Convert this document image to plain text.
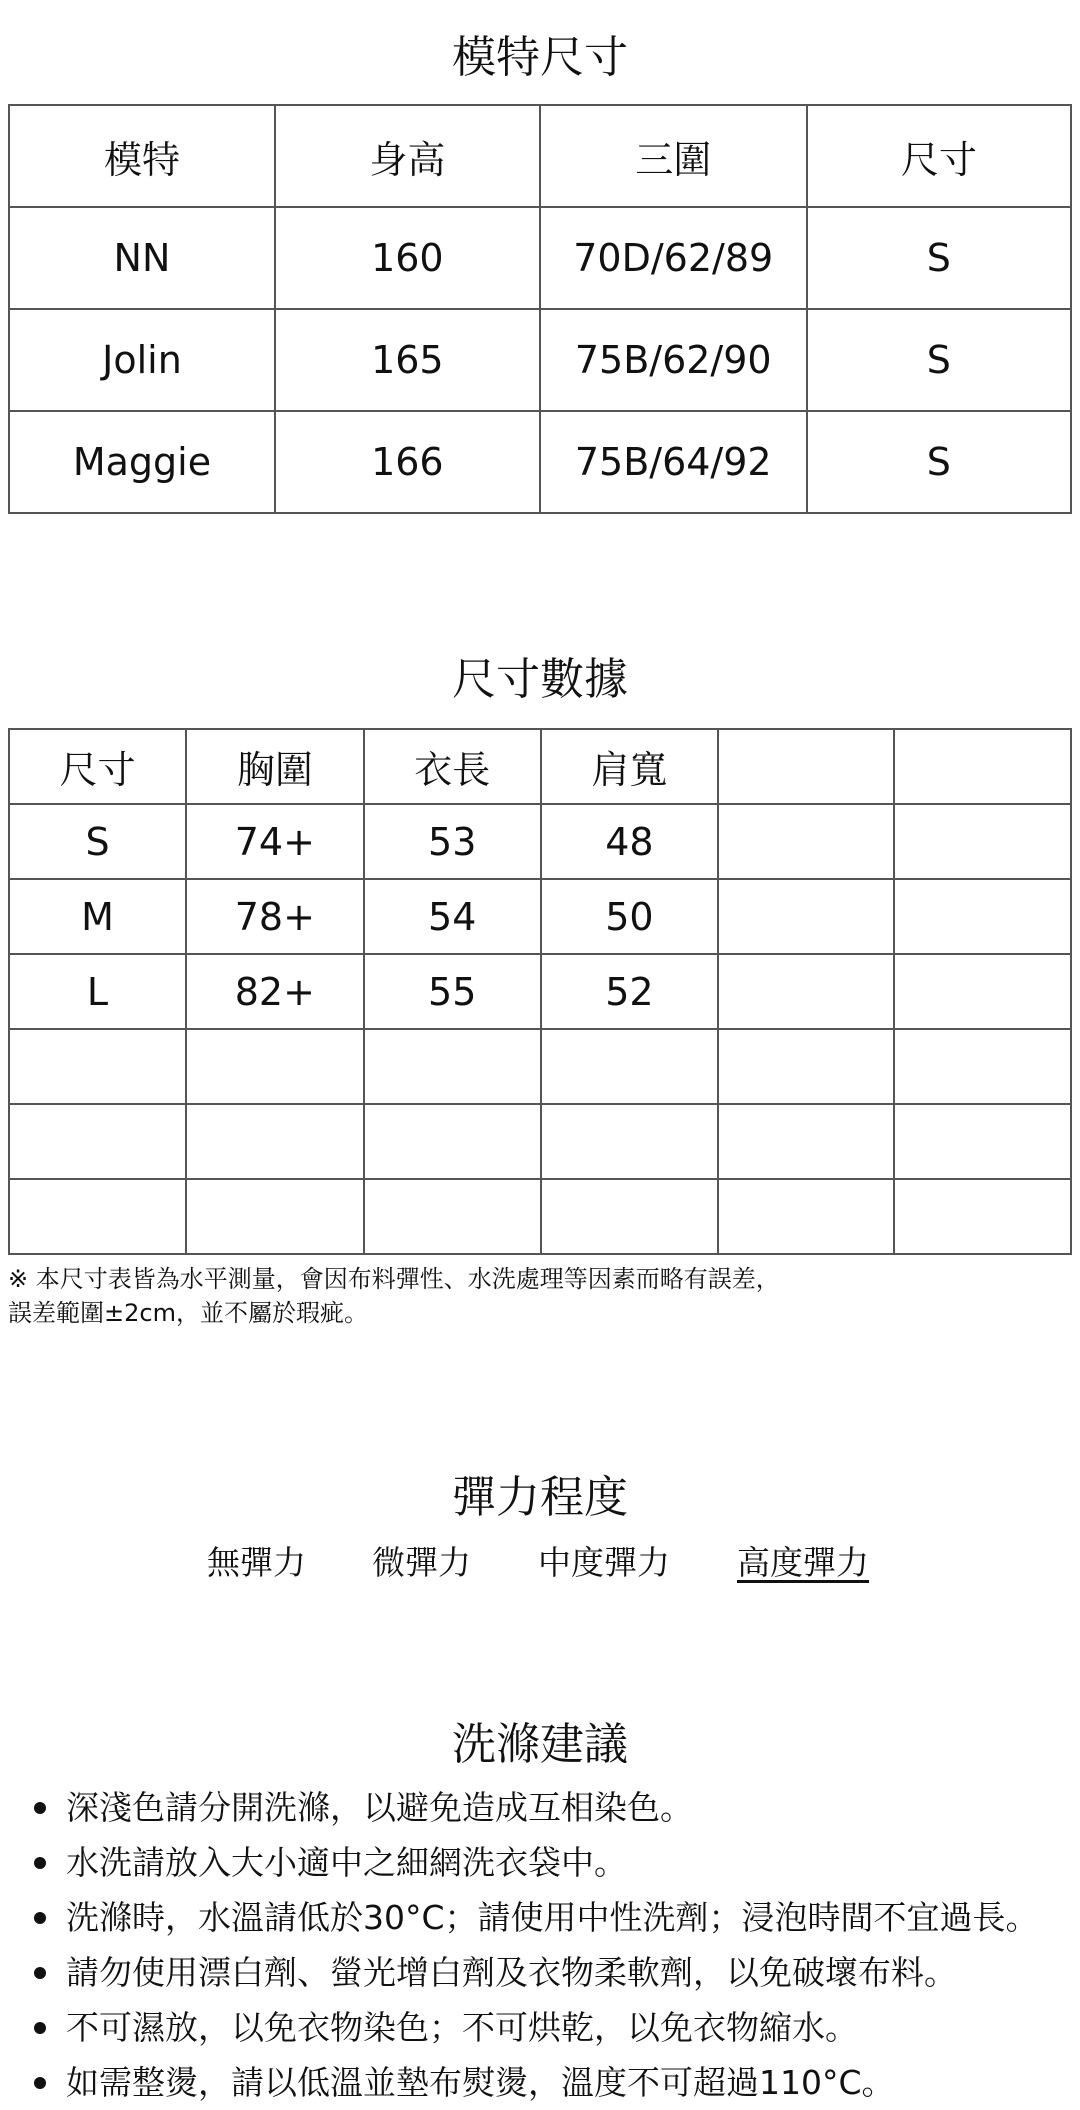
模特尺寸
模特	身高	三圍	尺寸
NN	160	70D/62/89	S
Jolin	165	75B/62/90	S
Maggie	166	75B/64/92	S
尺寸數據
尺寸	胸圍	衣長	肩寬		
S	74+	53	48		
M	78+	54	50		
L	82+	55	52		

※ 本尺寸表皆為水平測量，會因布料彈性、水洗處理等因素而略有誤差，
誤差範圍±2cm，並不屬於瑕疵。
彈力程度
無彈力 微彈力 中度彈力 高度彈力
洗滌建議
深淺色請分開洗滌，以避免造成互相染色。
水洗請放入大小適中之細網洗衣袋中。
洗滌時，水溫請低於30°C；請使用中性洗劑；浸泡時間不宜過長。
請勿使用漂白劑、螢光增白劑及衣物柔軟劑，以免破壞布料。
不可濕放，以免衣物染色；不可烘乾，以免衣物縮水。
如需整燙，請以低溫並墊布熨燙，溫度不可超過110°C。
